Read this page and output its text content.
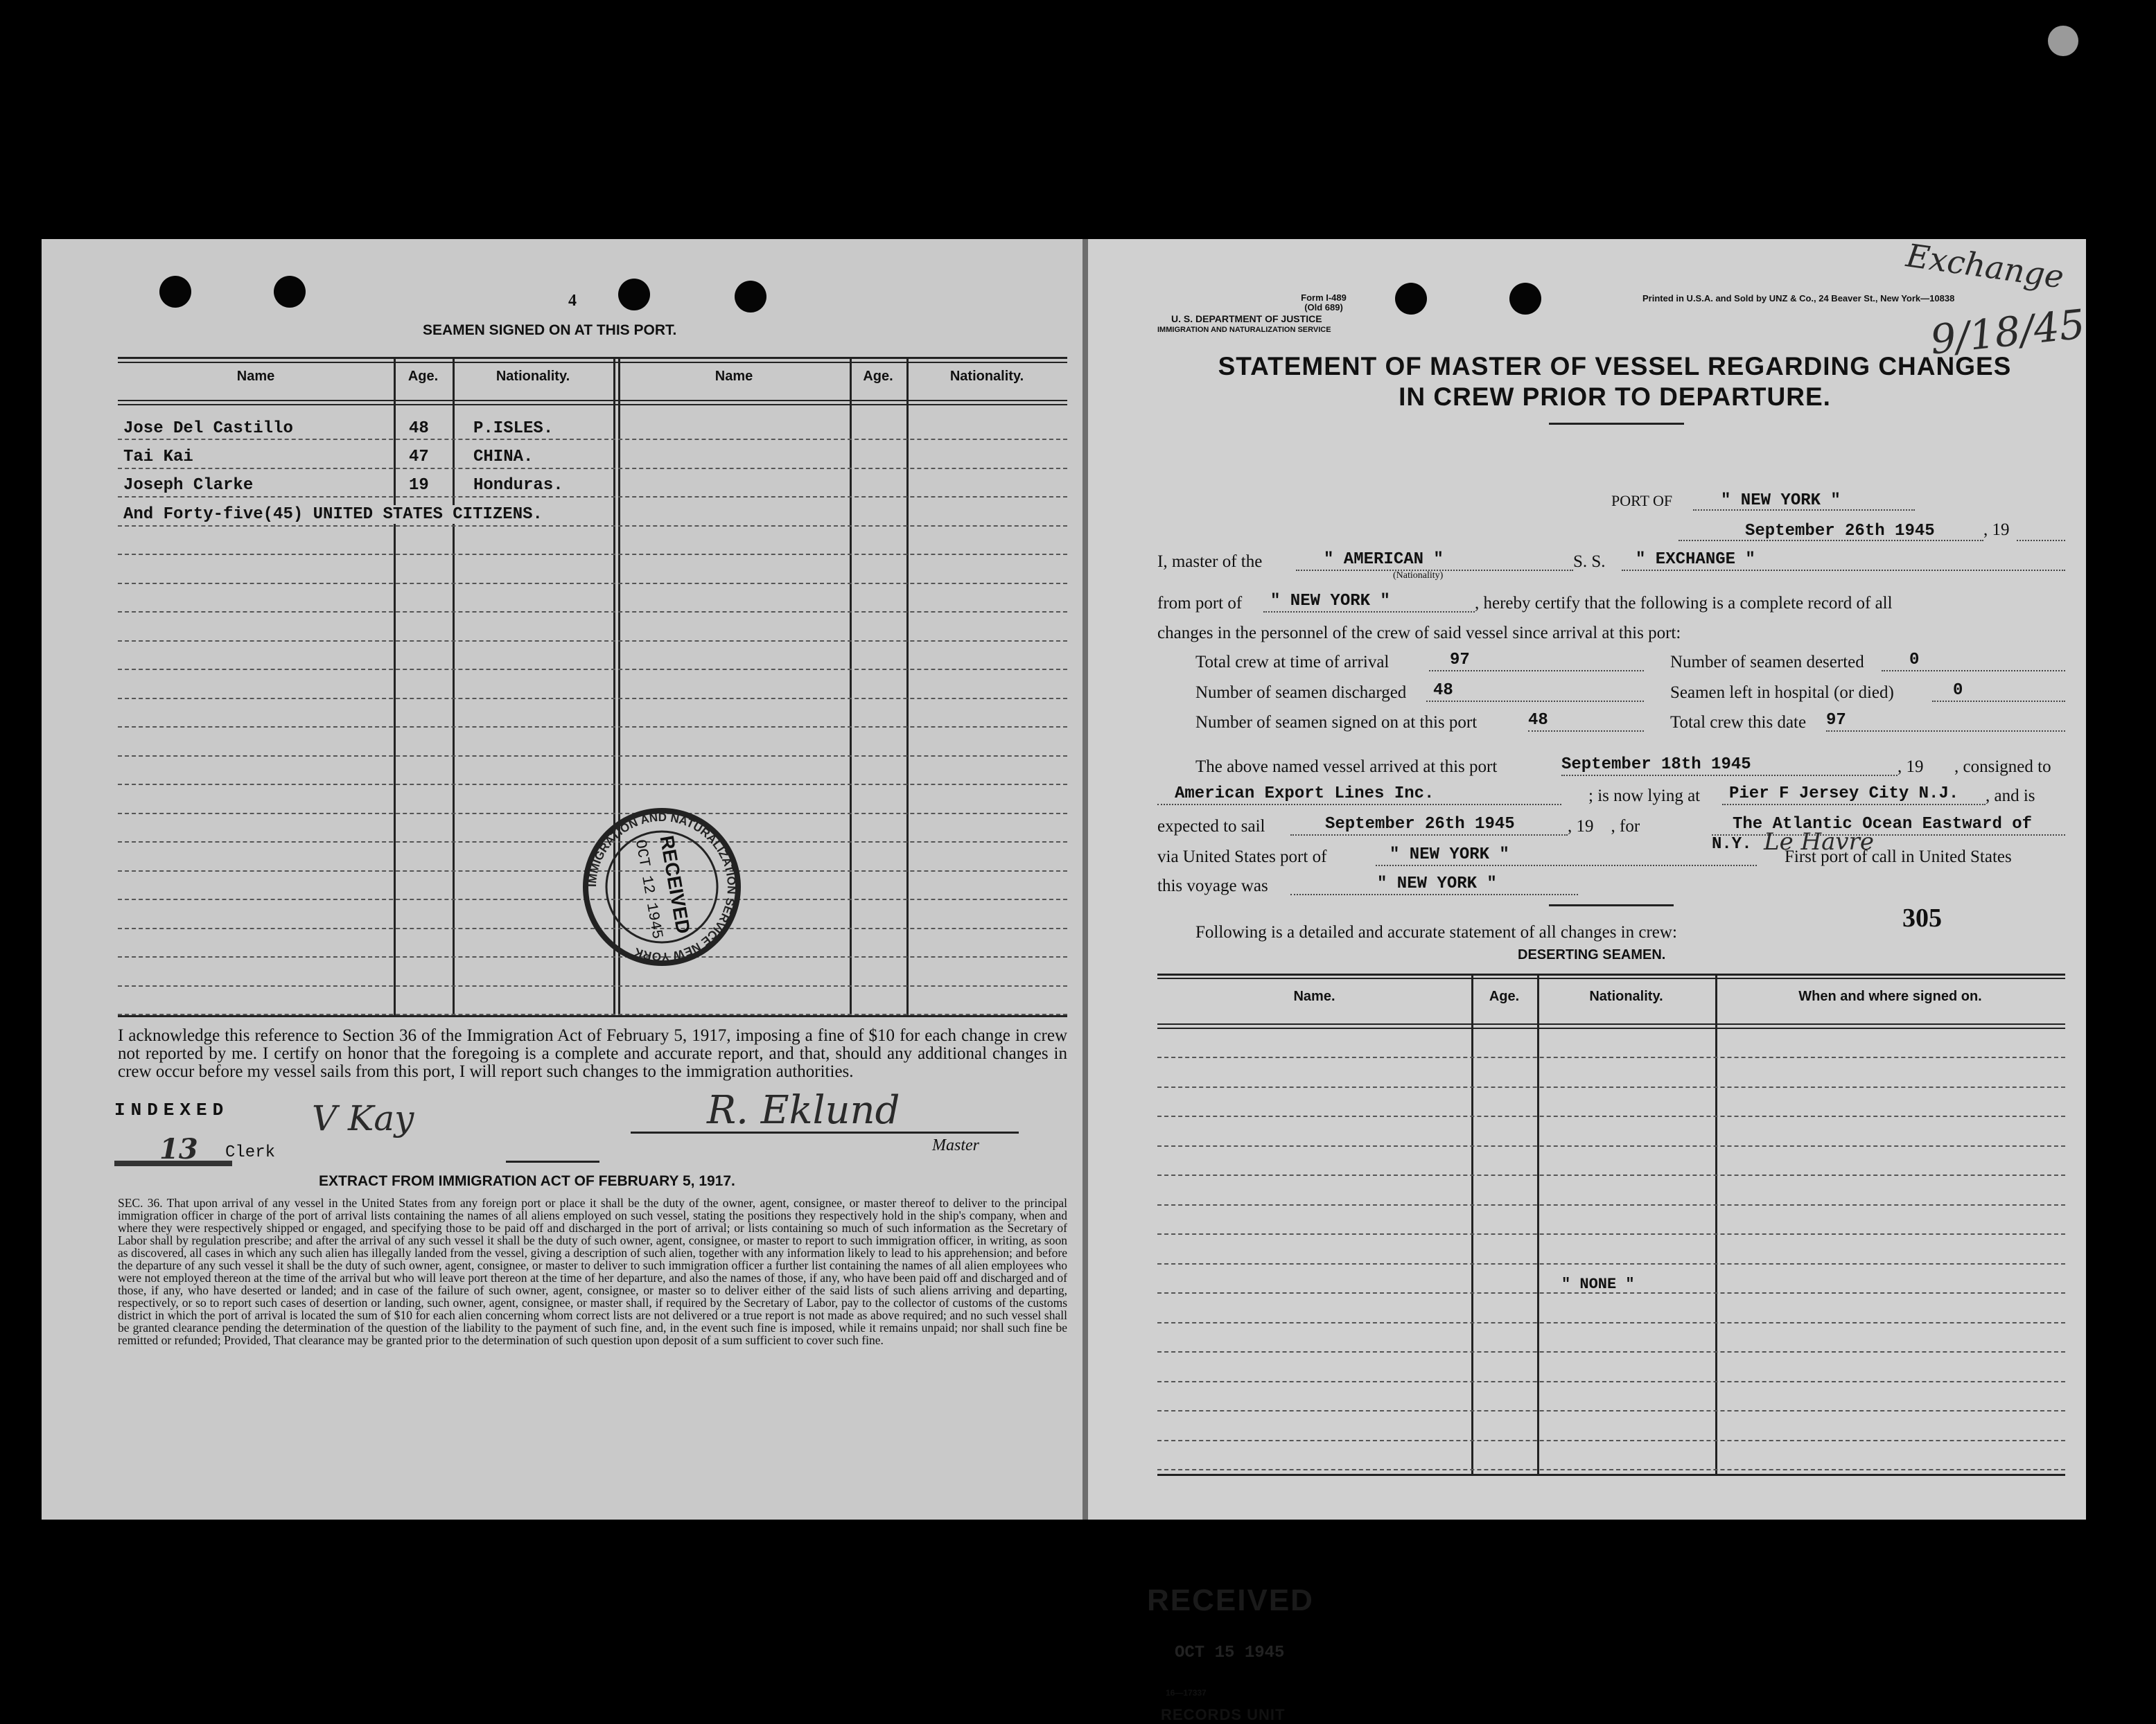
4
SEAMEN SIGNED ON AT THIS PORT.
Name	Age.	Nationality.	Name	Age.	Nationality.
Jose Del Castillo	48	P.ISLES.
Tai Kai	47	CHINA.
Joseph Clarke	19	Honduras.
And Forty-five(45) UNITED STATES CITIZENS.
IMMIGRATION AND NATURALIZATION SERVICE NEW YORK
RECEIVED
OCT 12 1945
I acknowledge this reference to Section 36 of the Immigration Act of February 5, 1917, imposing a fine of $10 for each change in crew not reported by me. I certify on honor that the foregoing is a complete and accurate report, and that, should any additional changes in crew occur before my vessel sails from this port, I will report such changes to the immigration authorities.
INDEXED
13 Clerk
V Kay	R. Eklund
Master
EXTRACT FROM IMMIGRATION ACT OF FEBRUARY 5, 1917.
SEC. 36. That upon arrival of any vessel in the United States from any foreign port or place it shall be the duty of the owner, agent, consignee, or master thereof to deliver to the principal immigration officer in charge of the port of arrival lists containing the names of all aliens employed on such vessel, stating the positions they respectively hold in the ship's company, when and where they were respectively shipped or engaged, and specifying those to be paid off and discharged in the port of arrival; or lists containing so much of such information as the Secretary of Labor shall by regulation prescribe; and after the arrival of any such vessel it shall be the duty of such owner, agent, consignee, or master to report to such immigration officer, in writing, as soon as discovered, all cases in which any such alien has illegally landed from the vessel, giving a description of such alien, together with any information likely to lead to his apprehension; and before the departure of any such vessel it shall be the duty of such owner, agent, consignee, or master to deliver to such immigration officer a further list containing the names of all alien employees who were not employed thereon at the time of the arrival but who will leave port thereon at the time of her departure, and also the names of those, if any, who have been paid off and discharged and of those, if any, who have deserted or landed; and in case of the failure of such owner, agent, consignee, or master so to deliver either of the said lists of such aliens arriving and departing, respectively, or so to report such cases of desertion or landing, such owner, agent, consignee, or master shall, if required by the Secretary of Labor, pay to the collector of customs of the customs district in which the port of arrival is located the sum of $10 for each alien concerning whom correct lists are not delivered or a true report is not made as above required; and no such vessel shall be granted clearance pending the determination of the question of the liability to the payment of such fine, and, in the event such fine is imposed, while it remains unpaid; nor shall such fine be remitted or refunded; Provided, That clearance may be granted prior to the determination of such question upon deposit of a sum sufficient to cover such fine.
Form I-489
(Old 689)
U. S. DEPARTMENT OF JUSTICE
IMMIGRATION AND NATURALIZATION SERVICE
Printed in U.S.A. and Sold by UNZ & Co., 24 Beaver St., New York—10838
Exchange
9/18/45
STATEMENT OF MASTER OF VESSEL REGARDING CHANGES
IN CREW PRIOR TO DEPARTURE.
PORT OF	" NEW YORK "
September 26th 1945	, 19
I, master of the	" AMERICAN "
(Nationality)
S. S.	" EXCHANGE "
from port of	" NEW YORK "	, hereby certify that the following is a complete record of all
changes in the personnel of the crew of said vessel since arrival at this port:
Total crew at time of arrival	97	Number of seamen deserted	0
Number of seamen discharged	48	Seamen left in hospital (or died)	0
Number of seamen signed on at this port	48	Total crew this date 97
The above named vessel arrived at this port	September 18th 1945	, 19 , consigned to
American Export Lines Inc.	; is now lying at	Pier F Jersey City N.J.	, and is
expected to sail	September 26th 1945	, 19    , for	The Atlantic Ocean Eastward of N.Y. Le Havre
via United States port of	" NEW YORK "	First port of call in United States
this voyage was	" NEW YORK "
305
Following is a detailed and accurate statement of all changes in crew:
DESERTING SEAMEN.
Name.	Age.	Nationality.	When and where signed on.
" NONE "
RECEIVED
OCT 15 1945
16—17337
RECORDS UNIT
